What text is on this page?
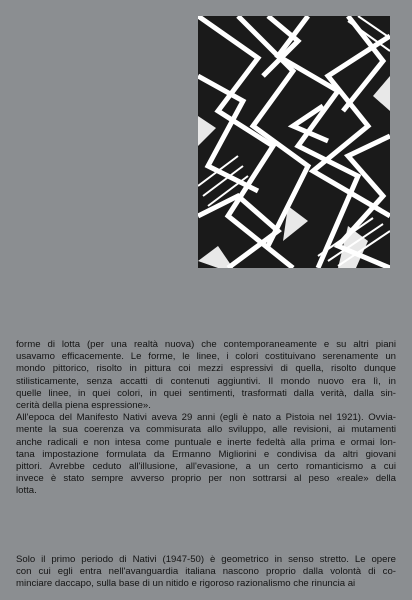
forme di lotta (per una realtà nuova) che contemporaneamente e su altri piani
usavamo efficacemente. Le forme, le linee, i colori costituivano serenamente un
mondo pittorico, risolto in pittura coi mezzi espressivi di quella, risolto dunque
stilisticamente, senza accatti di contenuti aggiuntivi. Il mondo nuovo era lì, in
quelle linee, in quei colori, in quei sentimenti, trasformati dalla verità, dalla sin-
cerità della piena espressione».
All'epoca del Manifesto Nativi aveva 29 anni (egli è nato a Pistoia nel 1921). Ovvia-
mente la sua coerenza va commisurata allo sviluppo, alle revisioni, ai mutamenti
anche radicali e non intesa come puntuale e inerte fedeltà alla prima e ormai lon-
tana impostazione formulata da Ermanno Migliorini e condivisa da altri giovani
pittori. Avrebbe ceduto all'illusione, all'evasione, a un certo romanticismo a cui
invece è stato sempre avverso proprio per non sottrarsi al peso «reale» della
lotta.
Solo il primo periodo di Nativi (1947-50) è geometrico in senso stretto. Le opere
con cui egli entra nell'avanguardia italiana nascono proprio dalla volontà di co-
minciare daccapo, sulla base di un nitido e rigoroso razionalismo che rinuncia ai
